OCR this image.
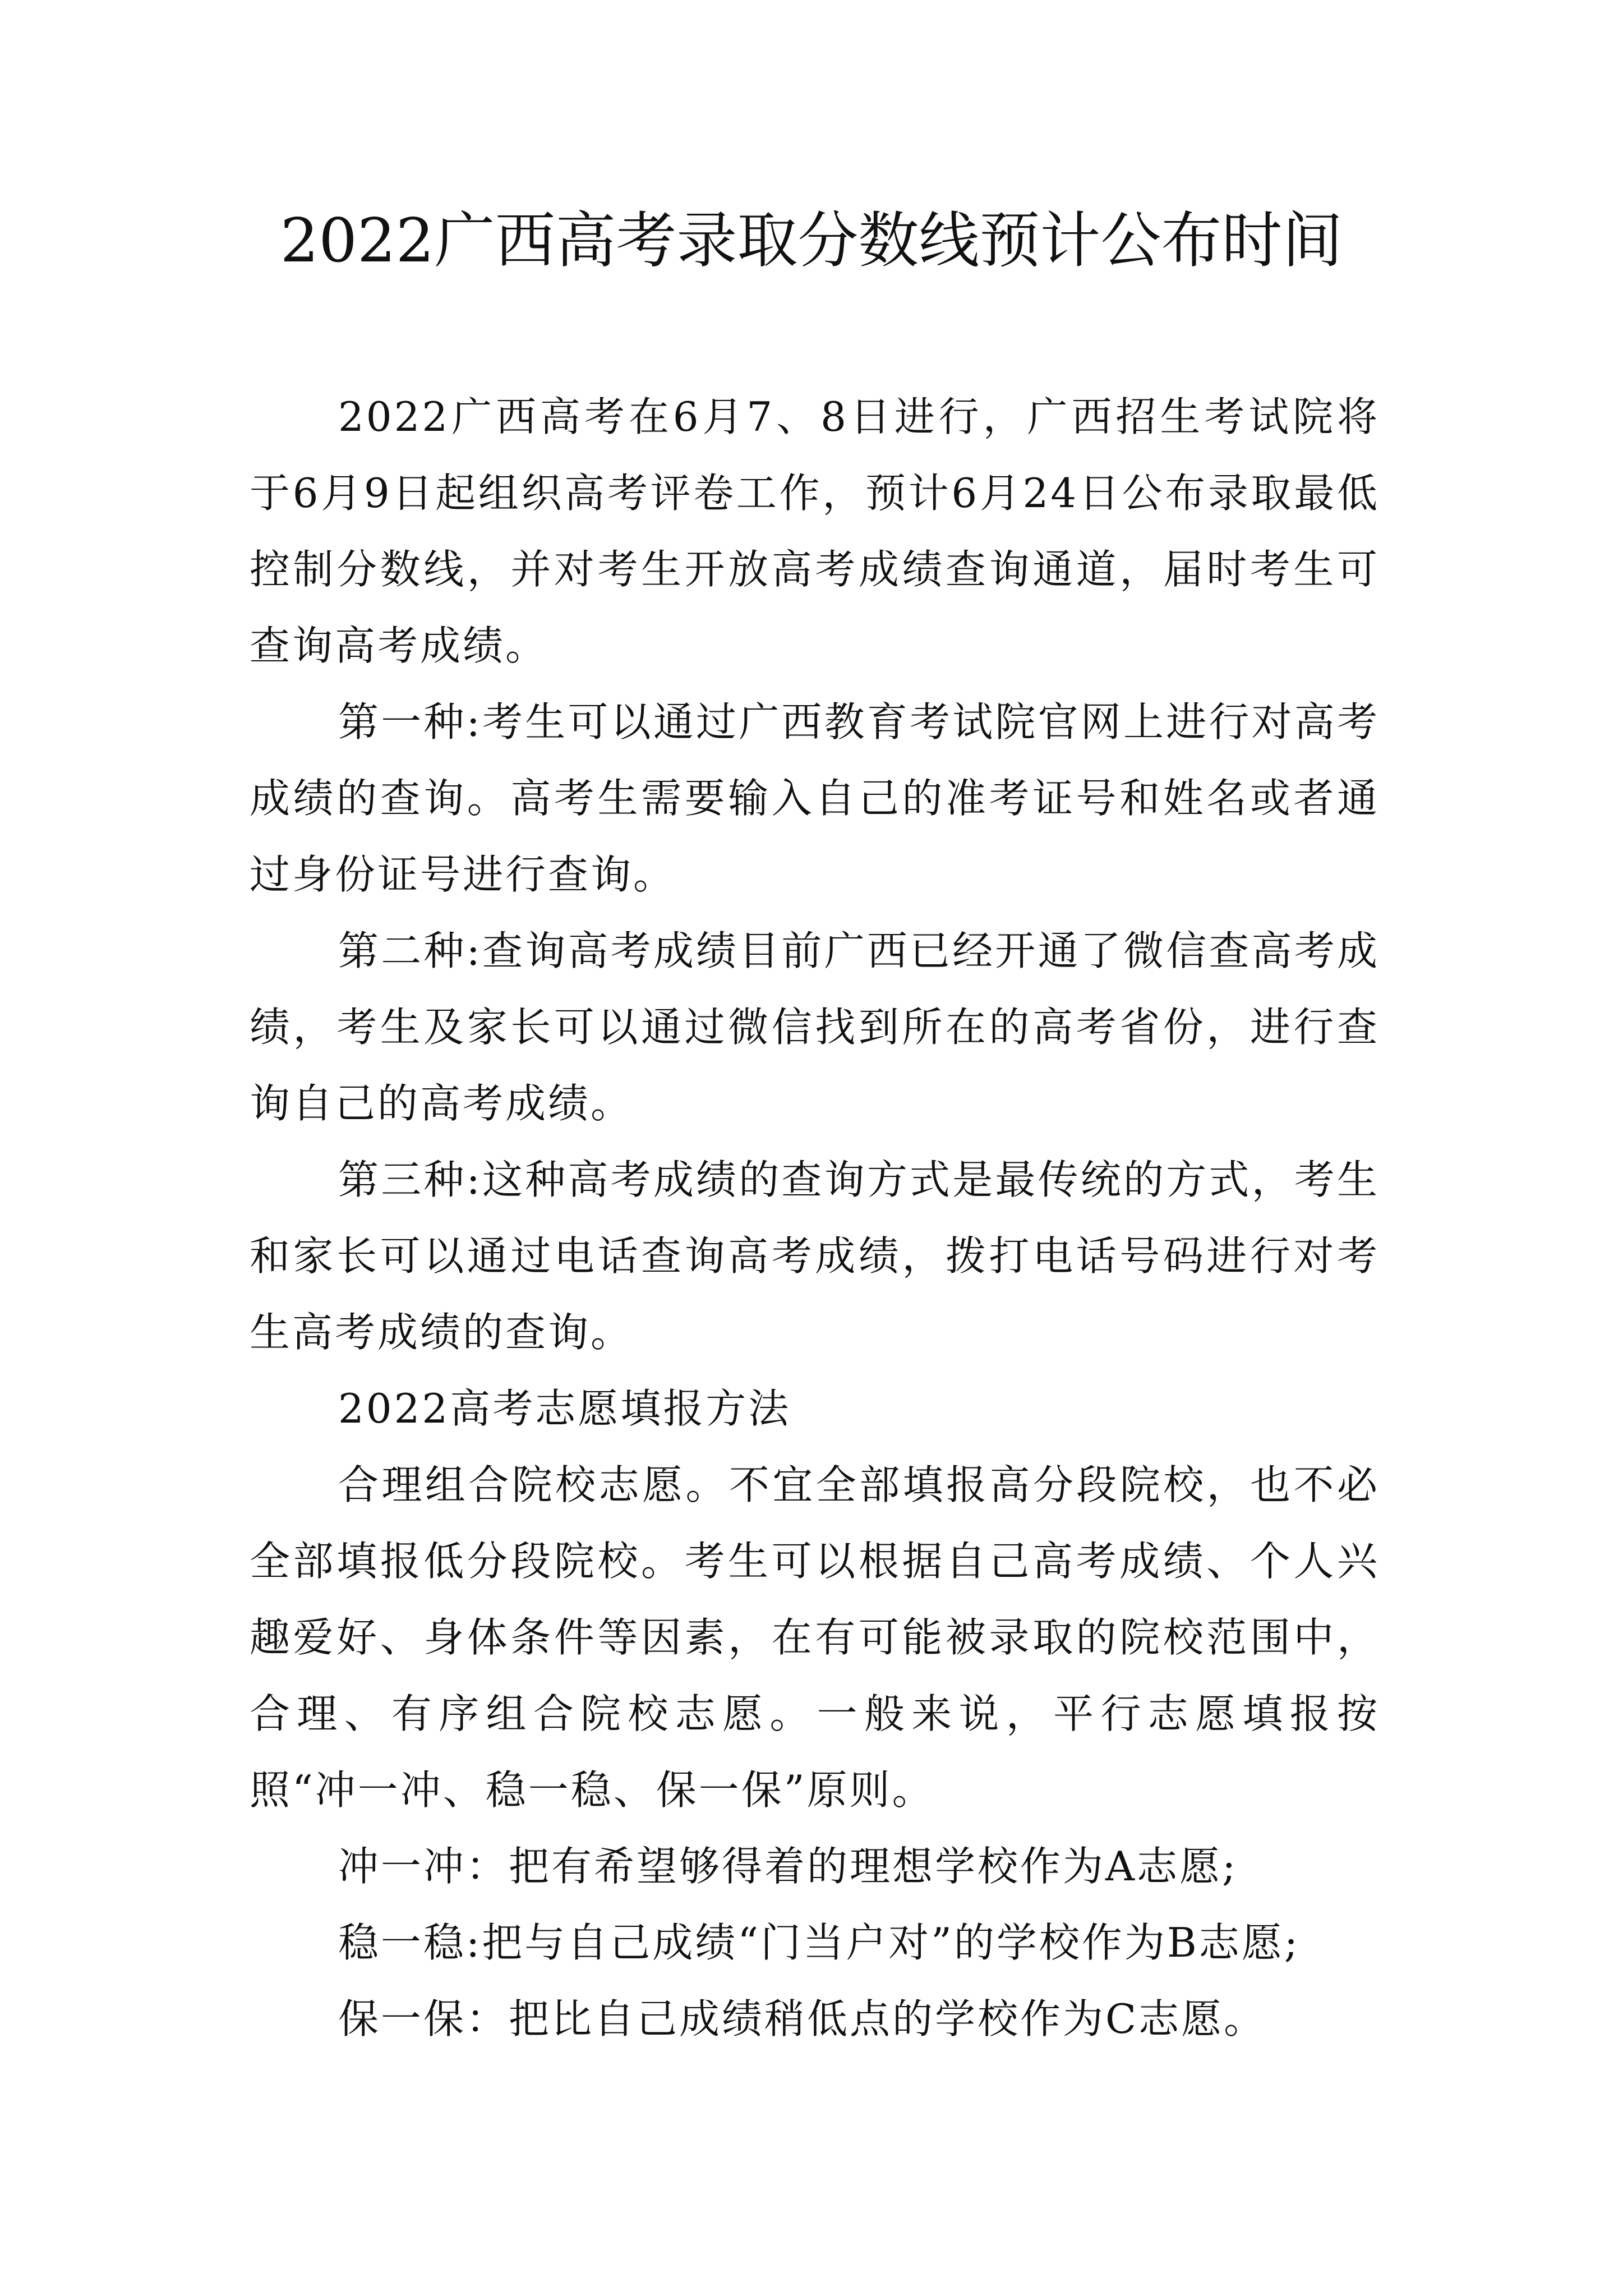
2022广西高考录取分数线预计公布时间

2022广西高考在6月7、8日进行，广西招生考试院将于6月9日起组织高考评卷工作，预计6月24日公布录取最低控制分数线，并对考生开放高考成绩查询通道，届时考生可查询高考成绩。

第一种:考生可以通过广西教育考试院官网上进行对高考成绩的查询。高考生需要输入自己的准考证号和姓名或者通过身份证号进行查询。

第二种:查询高考成绩目前广西已经开通了微信查高考成绩，考生及家长可以通过微信找到所在的高考省份，进行查询自己的高考成绩。

第三种:这种高考成绩的查询方式是最传统的方式，考生和家长可以通过电话查询高考成绩，拨打电话号码进行对考生高考成绩的查询。

2022高考志愿填报方法

合理组合院校志愿。不宜全部填报高分段院校，也不必全部填报低分段院校。考生可以根据自己高考成绩、个人兴趣爱好、身体条件等因素，在有可能被录取的院校范围中，合理、有序组合院校志愿。一般来说，平行志愿填报按照“冲一冲、稳一稳、保一保”原则。

冲一冲：把有希望够得着的理想学校作为A志愿;

稳一稳:把与自己成绩“门当户对”的学校作为B志愿;

保一保：把比自己成绩稍低点的学校作为C志愿。
